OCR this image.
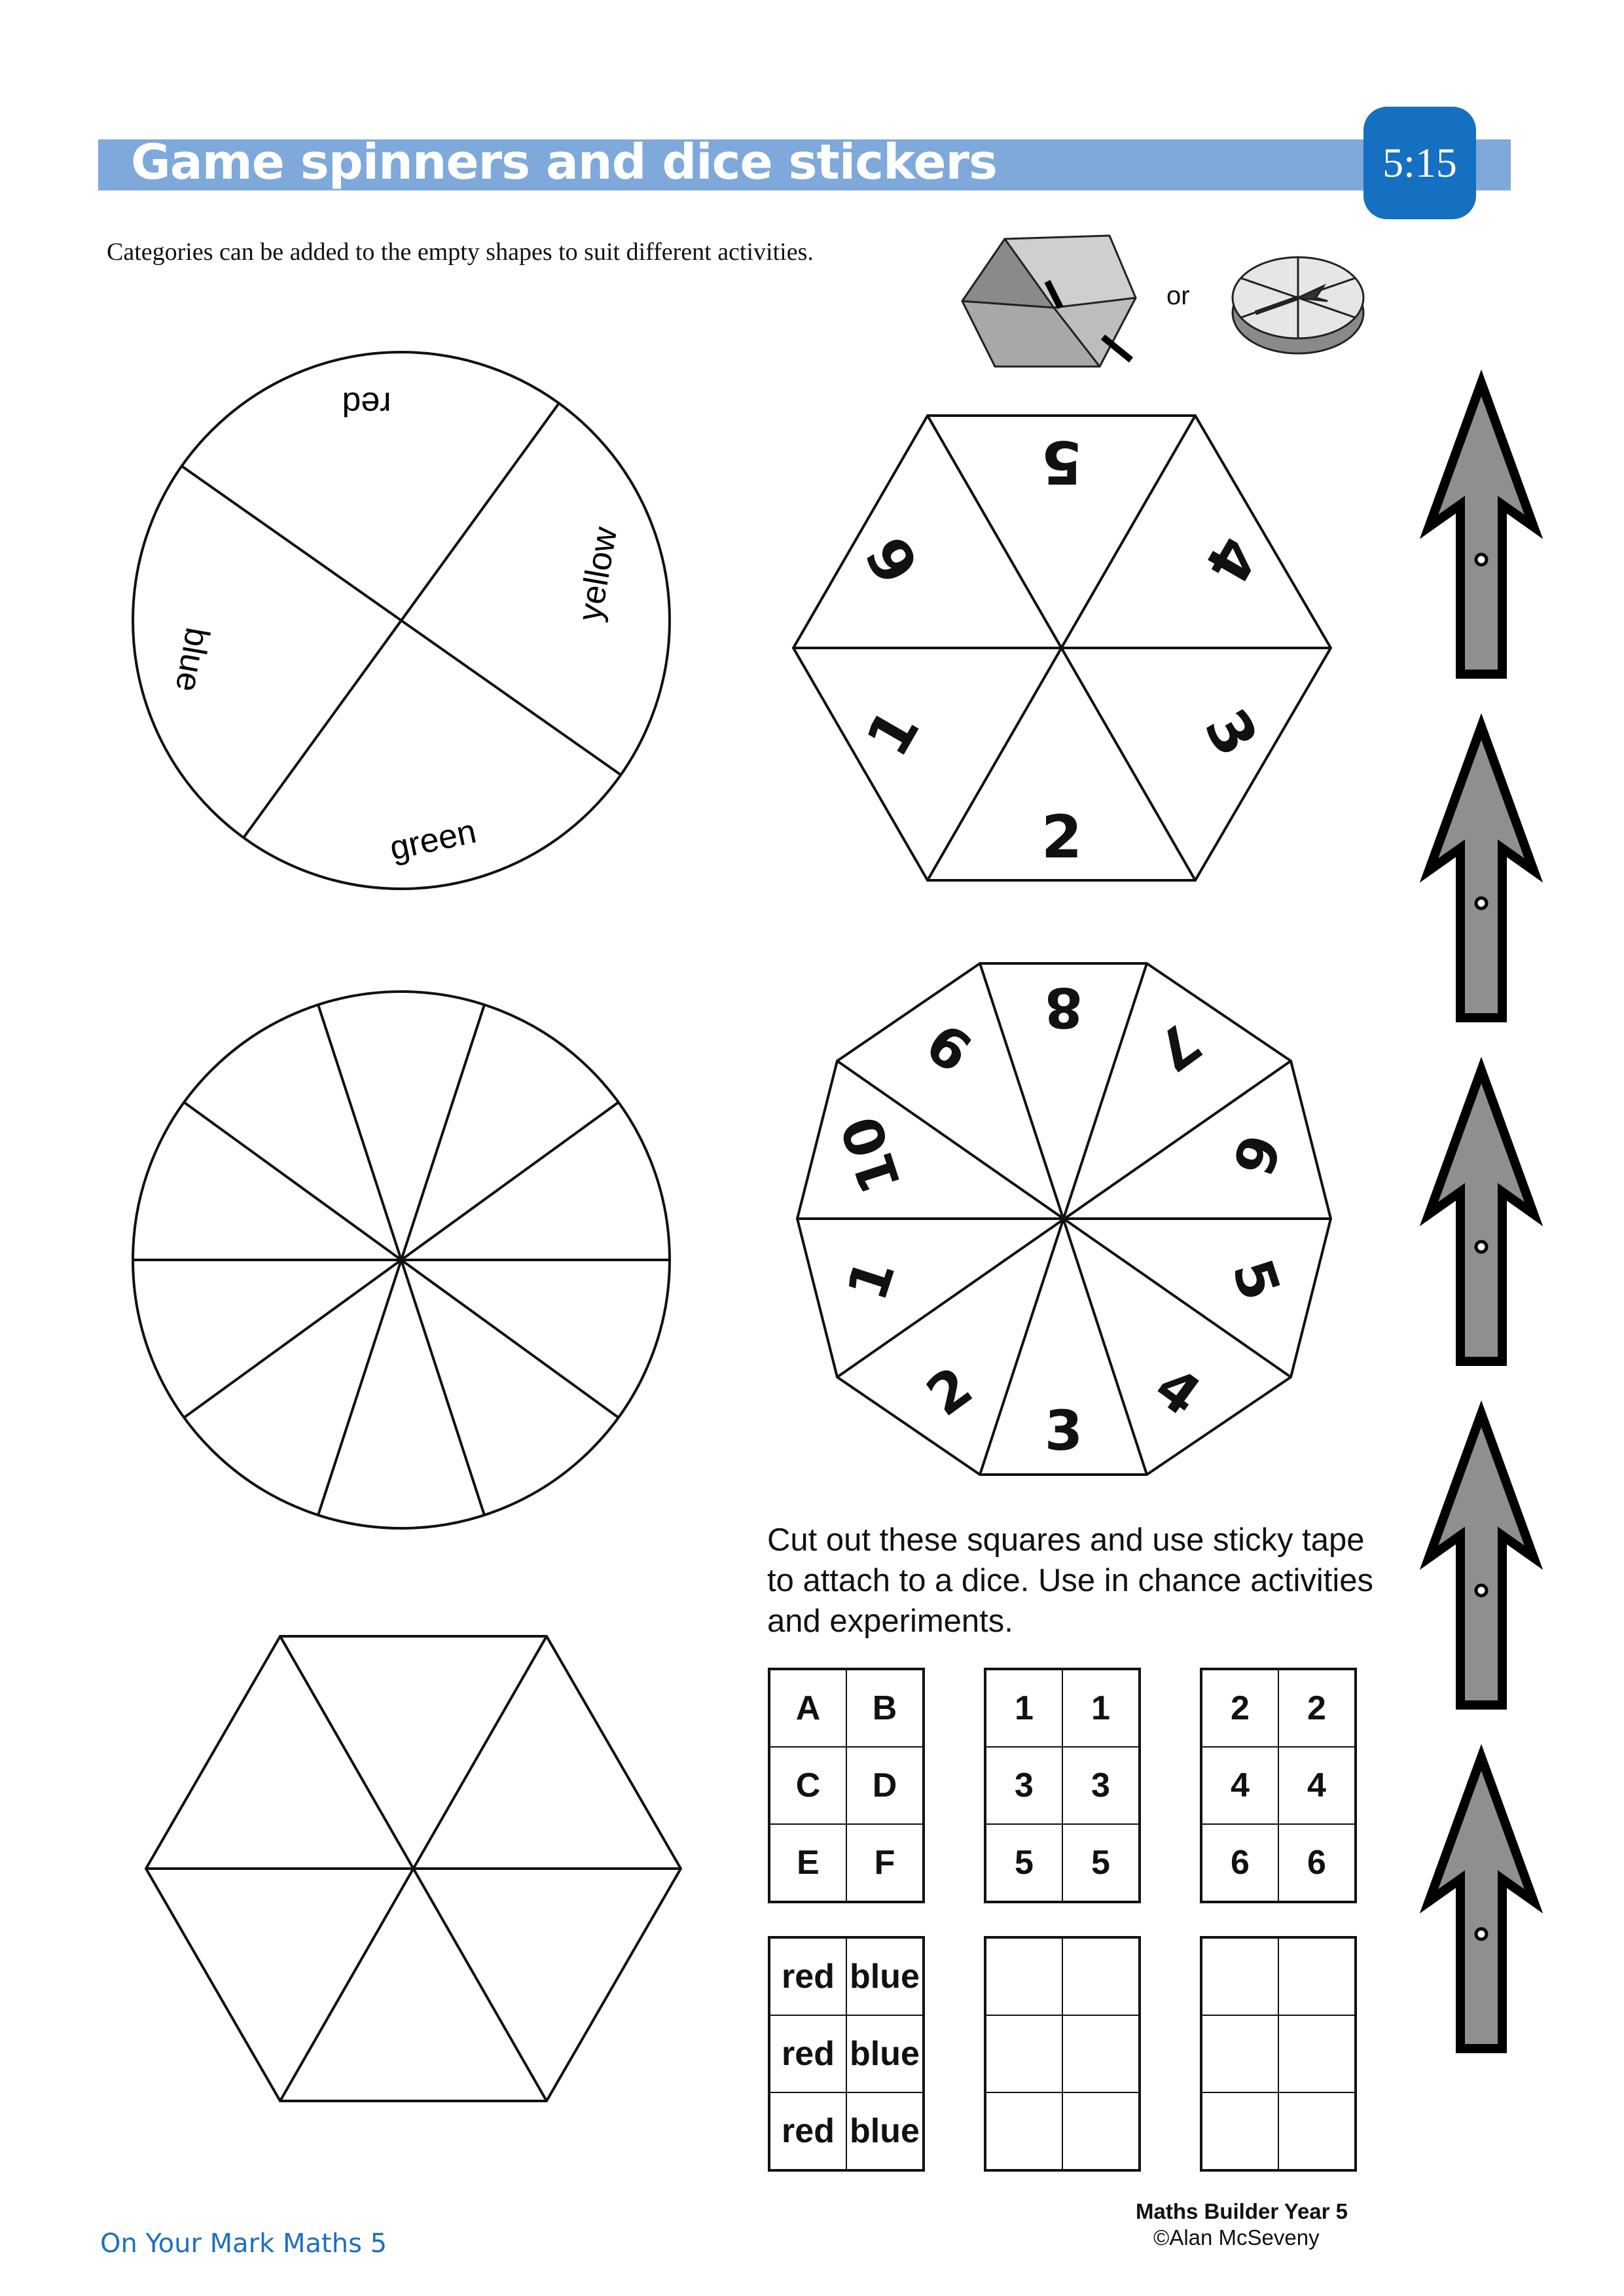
Game spinners and dice stickers	5:15
Categories can be added to the empty shapes to suit different activities.
or
red
yellow
green
blue
5
4
3
2
1
6
8
7
6
5
4
3
2
1
10
9
Cut out these squares and use sticky tape to attach to a dice. Use in chance activities and experiments.
A	B
C	D
E	F
1	1
3	3
5	5
2	2
4	4
6	6
red blue
red blue
red blue
On Your Mark Maths 5
Maths Builder Year 5
©Alan McSeveny
